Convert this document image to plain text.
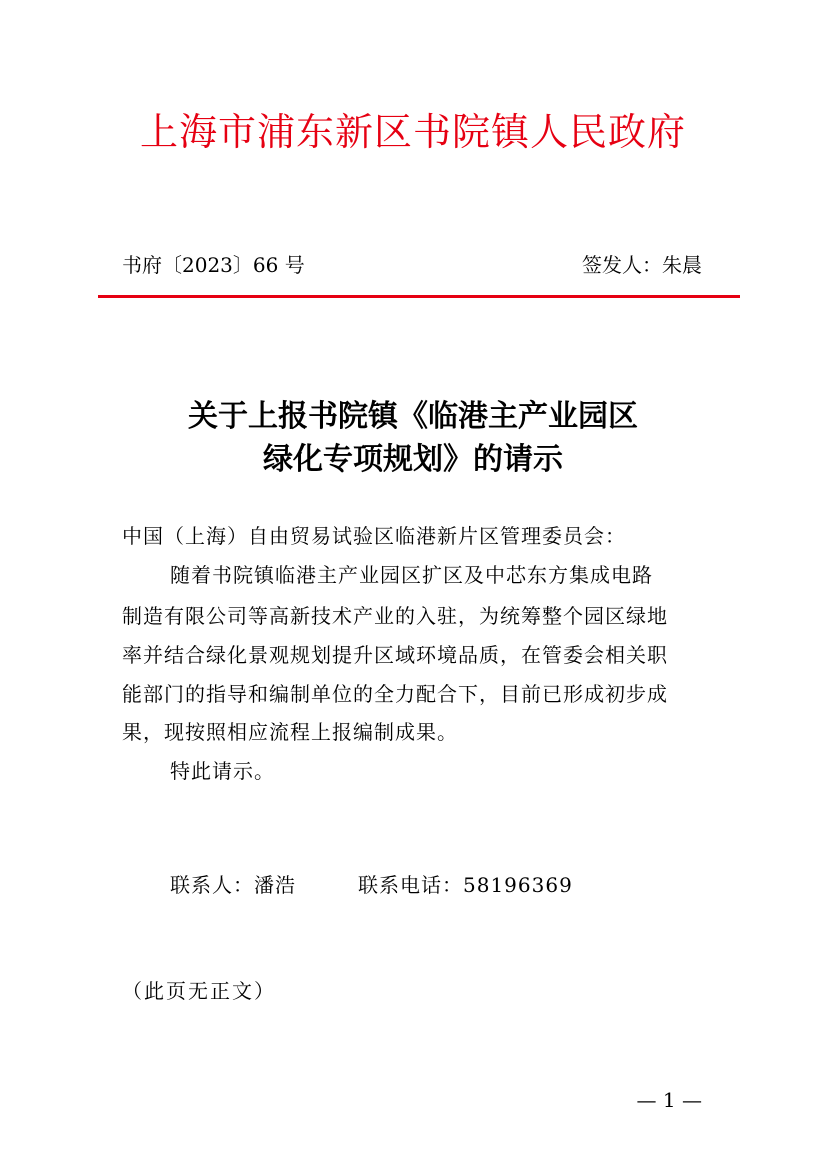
上海市浦东新区书院镇人民政府
书府〔2023〕66 号	签发人：朱晨
关于上报书院镇《临港主产业园区
绿化专项规划》的请示
中国（上海）自由贸易试验区临港新片区管理委员会：
随着书院镇临港主产业园区扩区及中芯东方集成电路
制造有限公司等高新技术产业的入驻，为统筹整个园区绿地
率并结合绿化景观规划提升区域环境品质，在管委会相关职
能部门的指导和编制单位的全力配合下，目前已形成初步成
果，现按照相应流程上报编制成果。
特此请示。
联系人：潘浩	联系电话：58196369
（此页无正文）
— 1 —
